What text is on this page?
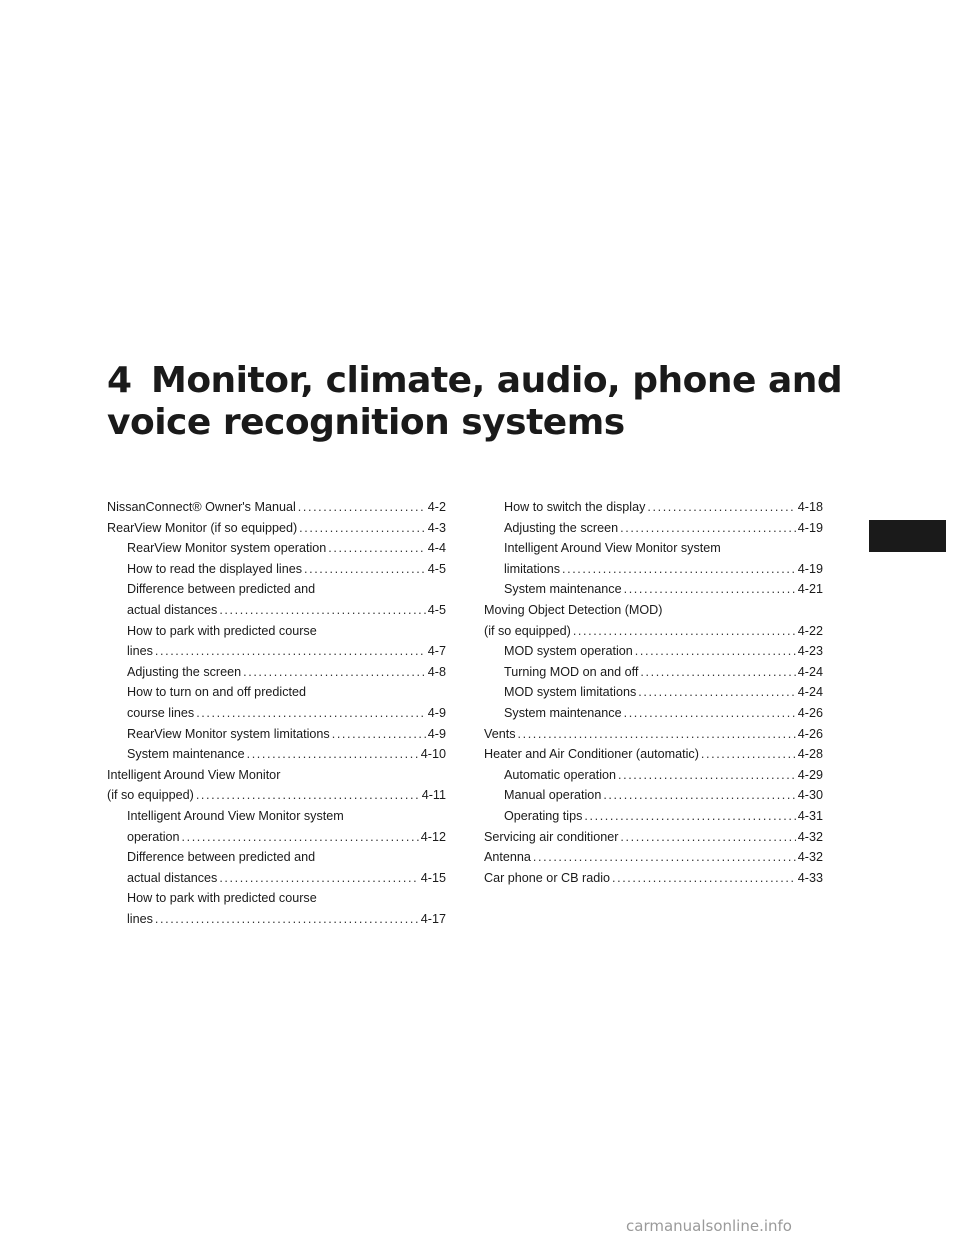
4 Monitor, climate, audio, phone and
voice recognition systems
NissanConnect® Owner's Manual .....	4-2
RearView Monitor (if so equipped) .....	4-3
RearView Monitor system operation .....	4-4
How to read the displayed lines .....	4-5
Difference between predicted and
actual distances .....	4-5
How to park with predicted course
lines .....	4-7
Adjusting the screen .....	4-8
How to turn on and off predicted
course lines .....	4-9
RearView Monitor system limitations .....	4-9
System maintenance .....	4-10
Intelligent Around View Monitor
(if so equipped) .....	4-11
Intelligent Around View Monitor system
operation .....	4-12
Difference between predicted and
actual distances .....	4-15
How to park with predicted course
lines .....	4-17
How to switch the display .....	4-18
Adjusting the screen .....	4-19
Intelligent Around View Monitor system
limitations .....	4-19
System maintenance .....	4-21
Moving Object Detection (MOD)
(if so equipped) .....	4-22
MOD system operation .....	4-23
Turning MOD on and off .....	4-24
MOD system limitations .....	4-24
System maintenance .....	4-26
Vents .....	4-26
Heater and Air Conditioner (automatic) .....	4-28
Automatic operation .....	4-29
Manual operation .....	4-30
Operating tips .....	4-31
Servicing air conditioner .....	4-32
Antenna .....	4-32
Car phone or CB radio .....	4-33
carmanualsonline.info
